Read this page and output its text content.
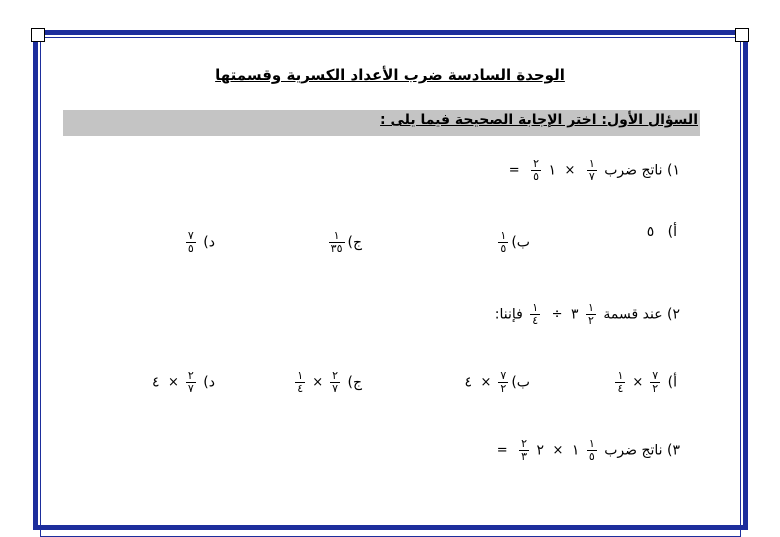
الوحدة السادسة ضرب الأعداد الكسرية وقسمتها
السؤال الأول: اختر الإجابة الصحيحة فيما يلى :
١) ناتج ضرب
$\frac{١}{٧}$
× ١
$\frac{٢}{٥}$
=
أ)   ٥
ب)
$\frac{١}{٥}$
ج)
$\frac{١}{٣٥}$
د)
$\frac{٧}{٥}$
٢) عند قسمة
$\frac{١}{٢}$
٣ ÷
$\frac{١}{٤}$
فإننا:
أ)
$\frac{٧}{٢}$
×
$\frac{١}{٤}$
ب)
$\frac{٧}{٢}$
× ٤
ج)
$\frac{٢}{٧}$
×
$\frac{١}{٤}$
د)
$\frac{٢}{٧}$
× ٤
٣) ناتج ضرب
$\frac{١}{٥}$
١ × ٢
$\frac{٢}{٣}$
=
